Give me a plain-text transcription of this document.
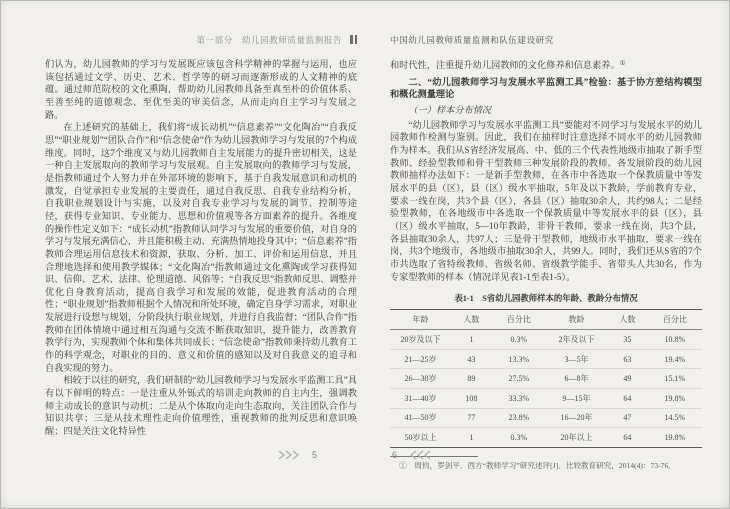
第一部分　幼儿园教师质量监测报告

们认为，幼儿园教师的学习与发展既应该包含科学精神的掌握与运用，也应该包括通过文学、历史、艺术、哲学等的研习而逐渐形成的人文精神的底蕴。通过师范院校的文化熏陶，帮助幼儿园教师具备至真至朴的价值体系、至善至纯的道德观念、至优至美的审美信念，从而走向自主学习与发展之路。

在上述研究的基础上，我们将“成长动机”“信息素养”“文化陶冶”“自我反思”“职业规划”“团队合作”和“信念使命”作为幼儿园教师学习与发展的7个构成维度。同时，这7个维度又与幼儿园教师自主发展能力的提升密切相关，这是一种自主发展取向的教师学习与发展观。自主发展取向的教师学习与发展，是指教师通过个人努力并在外部环境的影响下，基于自我发展意识和动机的激发，自觉承担专业发展的主要责任，通过自我反思、自我专业结构分析，自我职业规划设计与实施，以及对自我专业学习与发展的调节、控制等途径，获得专业知识、专业能力、思想和价值观等各方面素养的提升。各维度的操作性定义如下：“成长动机”指教师认同学习与发展的重要价值，对自身的学习与发展充满信心，并且能积极主动、充满热情地投身其中；“信息素养”指教师合理运用信息技术和资源，获取、分析、加工、评价和运用信息，并且合理地选择和使用教学媒体；“文化陶冶”指教师通过文化熏陶或学习获得知识、信仰、艺术、法律、伦理道德、风俗等；“自我反思”指教师反思、调整并优化自身教育活动，提高自我学习和发展的效能，促进教育活动的合理性；“职业规划”指教师根据个人情况和所处环境，确定自身学习需求，对职业发展进行设想与规划，分阶段执行职业规划，并进行自我监督；“团队合作”指教师在团体情境中通过相互沟通与交流不断获取知识，提升能力，改善教育教学行为，实现教师个体和集体共同成长；“信念使命”指教师秉持幼儿教育工作的科学观念，对职业的目的、意义和价值的感知以及对自我意义的追寻和自我实现的努力。

相较于以往的研究，我们研制的“幼儿园教师学习与发展水平监测工具”具有以下鲜明的特点：一是注重从外铄式的培训走向教师的自主内生，强调教师主动成长的意识与动机；二是从个体取向走向生态取向，关注团队合作与知识共享；三是从技术理性走向价值理性，重视教师的批判反思和意识唤醒；四是关注文化特异性

5
中国幼儿园教师质量监测和队伍建设研究

和时代性，注重提升幼儿园教师的文化修养和信息素养。①

二、“幼儿园教师学习与发展水平监测工具”检验：基于协方差结构模型和概化测量理论

（一）样本分布情况

“幼儿园教师学习与发展水平监测工具”要能对不同学习与发展水平的幼儿园教师作检测与鉴别。因此，我们在抽样时注意选择不同水平的幼儿园教师作为样本。我们从S省经济发展高、中、低的三个代表性地级市抽取了新手型教师、经验型教师和骨干型教师三种发展阶段的教师。各发展阶段的幼儿园教师抽样办法如下：一是新手型教师，在各市中各选取一个保教质量中等发展水平的县（区），县（区）级水平抽取，5年及以下教龄，学前教育专业，要求一线在岗，共3个县（区），各县（区）抽取30余人，共约98人；二是经验型教师，在各地级市中各选取一个保教质量中等发展水平的县（区），县（区）级水平抽取，5—10年教龄，非骨干教师，要求一线在岗，共3个县，各县抽取30余人，共97人；三是骨干型教师，地级市水平抽取，要求一线在岗，共3个地级市，各地级市抽取30余人，共99人。同时，我们还从S省的7个市共选取了省特级教师、省级名师、省级教学能手、省带头人共30名，作为专家型教师的样本（情况详见表1-1至表1-5）。

表1-1　S省幼儿园教师样本的年龄、教龄分布情况
年龄	人数	百分比	教龄	人数	百分比
20岁及以下	1	0.3%	2年及以下	35	10.8%
21—25岁	43	13.3%	3—5年	63	19.4%
26—30岁	89	27.5%	6—8年	49	15.1%
31—40岁	108	33.3%	9—15年	64	19.8%
41—50岁	77	23.8%	16—20年	47	14.5%
50岁以上	1	0.3%	20年以上	64	19.8%
①　周钧，罗剑平．西方“教师学习”研究述评[J]．比较教育研究，2014(4)：73-76．
6
